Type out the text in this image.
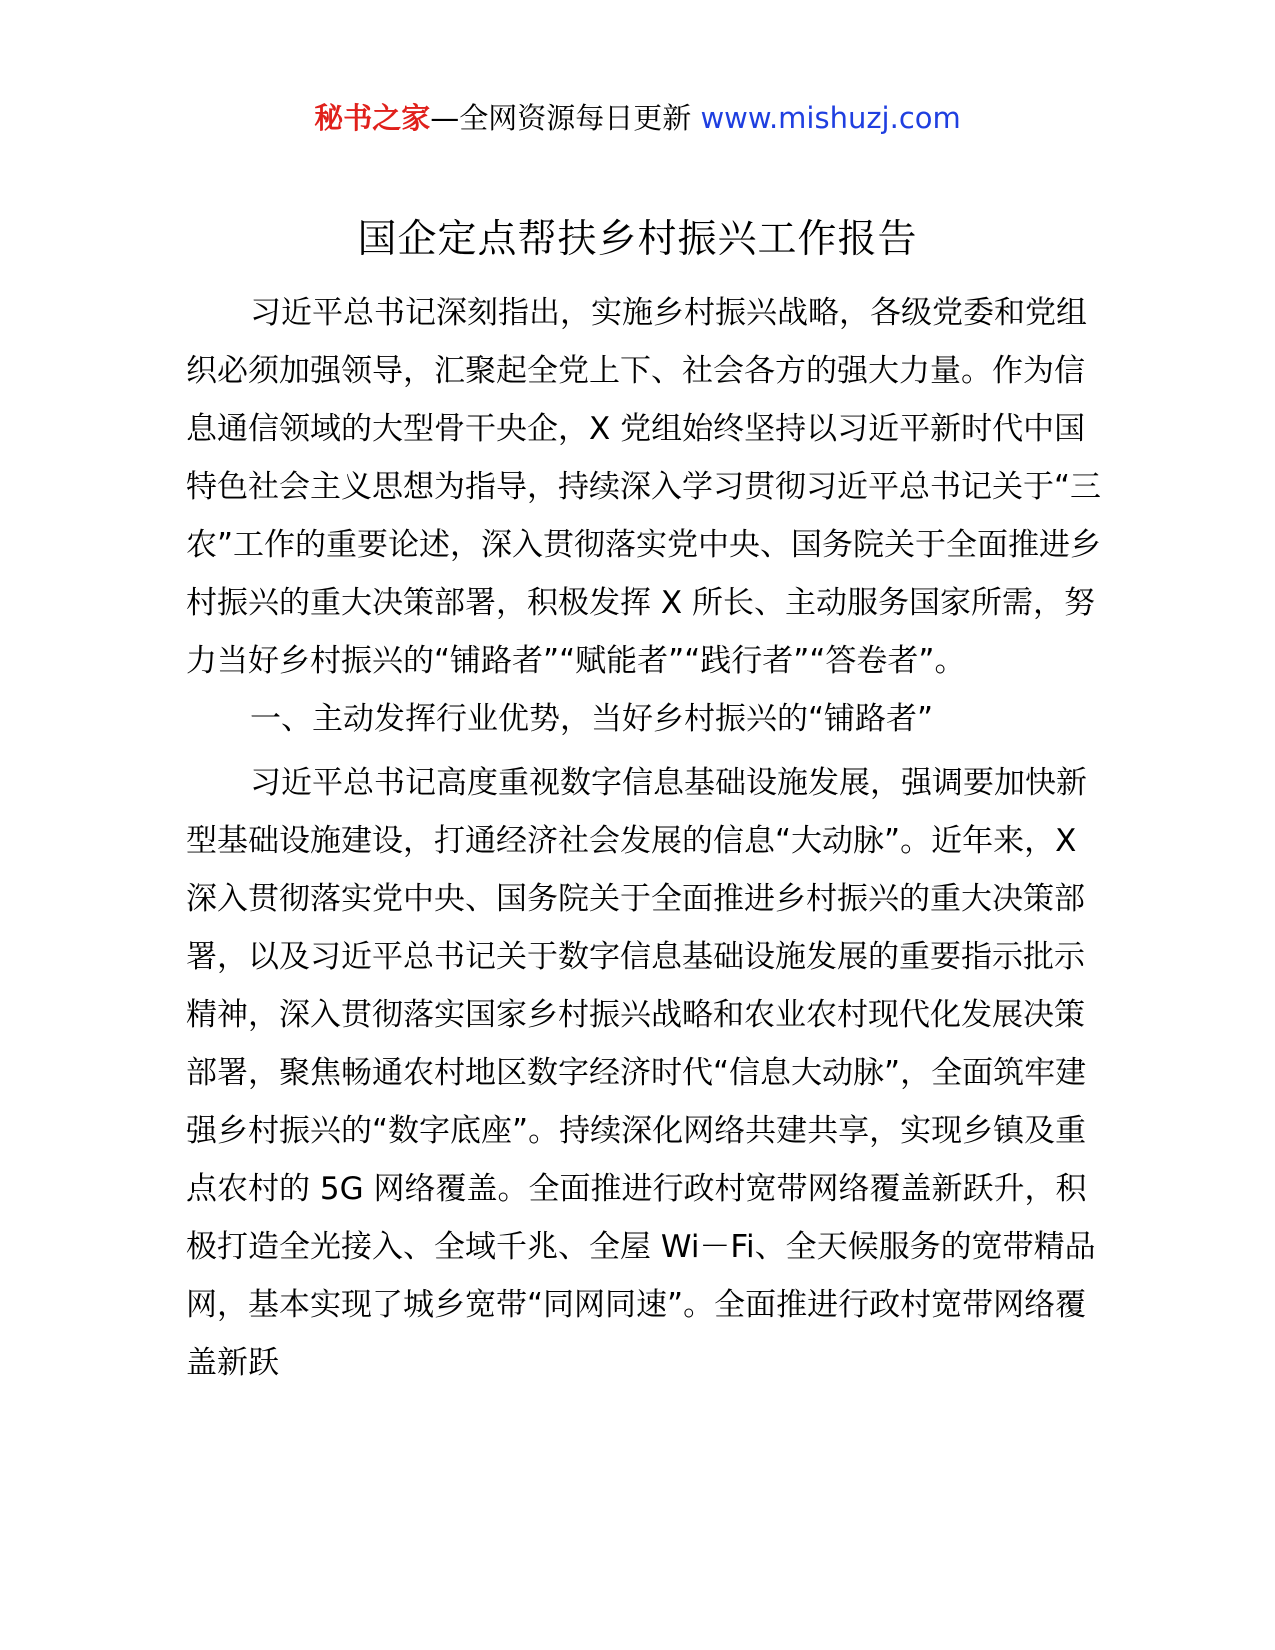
秘书之家—全网资源每日更新 www.mishuzj.com
国企定点帮扶乡村振兴工作报告

习近平总书记深刻指出，实施乡村振兴战略，各级党委和党组织必须加强领导，汇聚起全党上下、社会各方的强大力量。作为信息通信领域的大型骨干央企，X 党组始终坚持以习近平新时代中国特色社会主义思想为指导，持续深入学习贯彻习近平总书记关于“三农”工作的重要论述，深入贯彻落实党中央、国务院关于全面推进乡村振兴的重大决策部署，积极发挥 X 所长、主动服务国家所需，努力当好乡村振兴的“铺路者”“赋能者”“践行者”“答卷者”。

一、主动发挥行业优势，当好乡村振兴的“铺路者”

习近平总书记高度重视数字信息基础设施发展，强调要加快新型基础设施建设，打通经济社会发展的信息“大动脉”。近年来，X 深入贯彻落实党中央、国务院关于全面推进乡村振兴的重大决策部署，以及习近平总书记关于数字信息基础设施发展的重要指示批示精神，深入贯彻落实国家乡村振兴战略和农业农村现代化发展决策部署，聚焦畅通农村地区数字经济时代“信息大动脉”，全面筑牢建强乡村振兴的“数字底座”。持续深化网络共建共享，实现乡镇及重点农村的 5G 网络覆盖。全面推进行政村宽带网络覆盖新跃升，积极打造全光接入、全域千兆、全屋 Wi－Fi、全天候服务的宽带精品网，基本实现了城乡宽带“同网同速”。全面推进行政村宽带网络覆盖新跃
